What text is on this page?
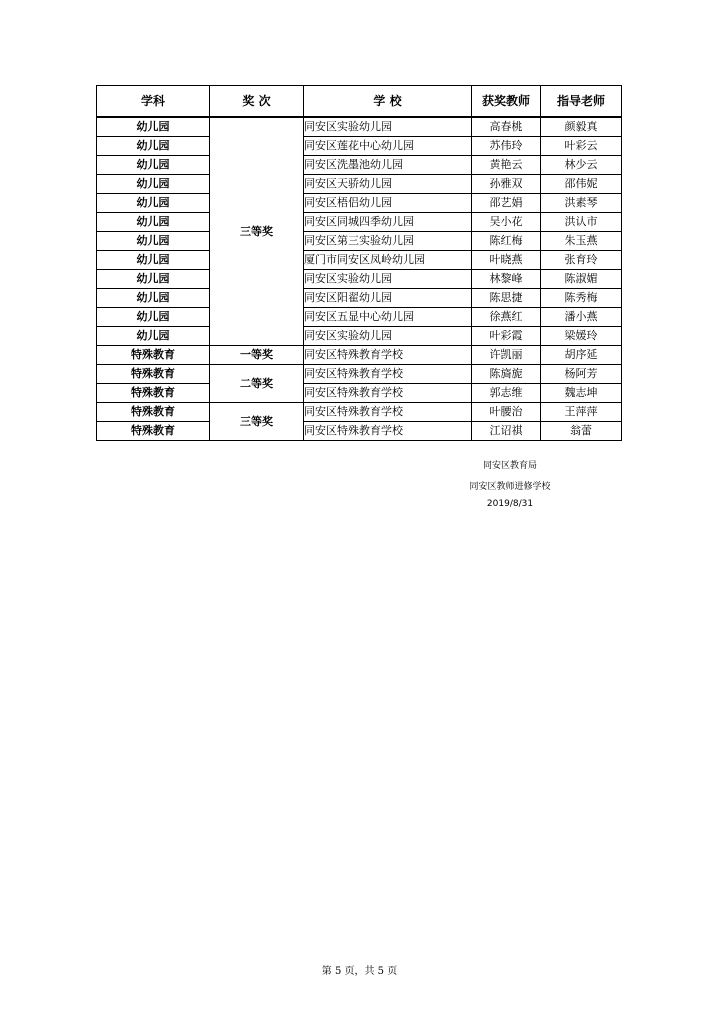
学科	奖 次	学 校	获奖教师	指导老师
幼儿园	三等奖	同安区实验幼儿园	高春桃	颜毅真
幼儿园		同安区莲花中心幼儿园	苏伟玲	叶彩云
幼儿园		同安区洗墨池幼儿园	黄艳云	林少云
幼儿园		同安区天骄幼儿园	孙雅双	邵伟妮
幼儿园		同安区梧侣幼儿园	邵艺娟	洪素琴
幼儿园		同安区同城四季幼儿园	吴小花	洪认市
幼儿园		同安区第三实验幼儿园	陈红梅	朱玉燕
幼儿园		厦门市同安区凤岭幼儿园	叶晓燕	张育玲
幼儿园		同安区实验幼儿园	林黎峰	陈淑媚
幼儿园		同安区阳翟幼儿园	陈思捷	陈秀梅
幼儿园		同安区五显中心幼儿园	徐燕红	潘小燕
幼儿园		同安区实验幼儿园	叶彩霞	梁媛玲
特殊教育	一等奖	同安区特殊教育学校	许凯丽	胡序延
特殊教育	二等奖	同安区特殊教育学校	陈旖旎	杨阿芳
特殊教育		同安区特殊教育学校	郭志维	魏志坤
特殊教育	三等奖	同安区特殊教育学校	叶腰治	王萍萍
特殊教育		同安区特殊教育学校	江诏祺	翁蕾
同安区教育局
同安区教师进修学校
2019/8/31
第 5 页，共 5 页
